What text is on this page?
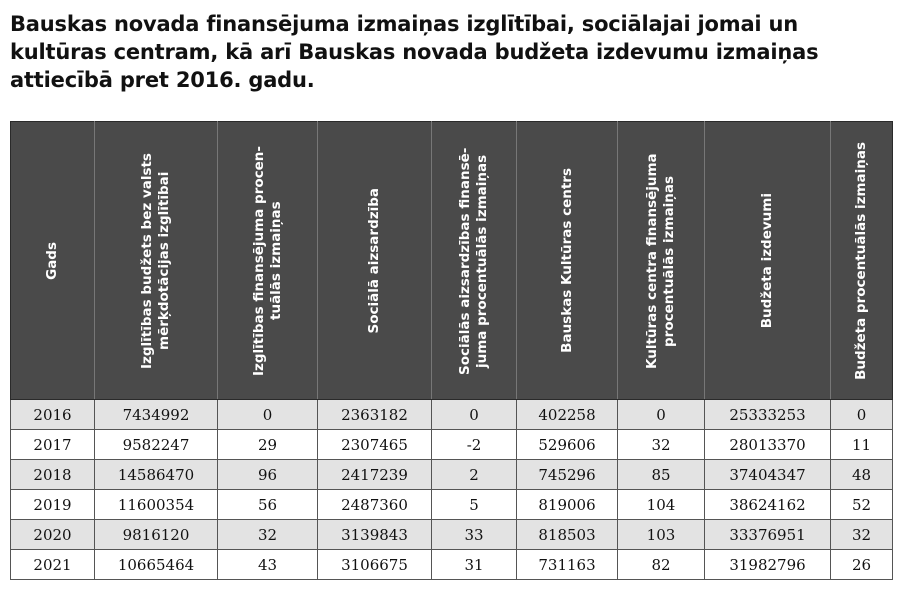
Bauskas novada finansējuma izmaiņas izglītībai, sociālajai jomai un kultūras centram, kā arī Bauskas novada budžeta izdevumu izmaiņas attiecībā pret 2016. gadu.
Gads	Izglītības budžets bez valsts mērķdotācijas izglītībai	Izglītības finansējuma procen- tuālās izmaiņas	Sociālā aizsardzība	Sociālās aizsardzības finansē- juma procentuālās izmaiņas	Bauskas Kultūras centrs	Kultūras centra finansējuma procentuālās izmaiņas	Budžeta izdevumi	Budžeta procentuālās izmaiņas

2016	7434992	0	2363182	0	402258	0	25333253	0
2017	9582247	29	2307465	-2	529606	32	28013370	11
2018	14586470	96	2417239	2	745296	85	37404347	48
2019	11600354	56	2487360	5	819006	104	38624162	52
2020	9816120	32	3139843	33	818503	103	33376951	32
2021	10665464	43	3106675	31	731163	82	31982796	26
